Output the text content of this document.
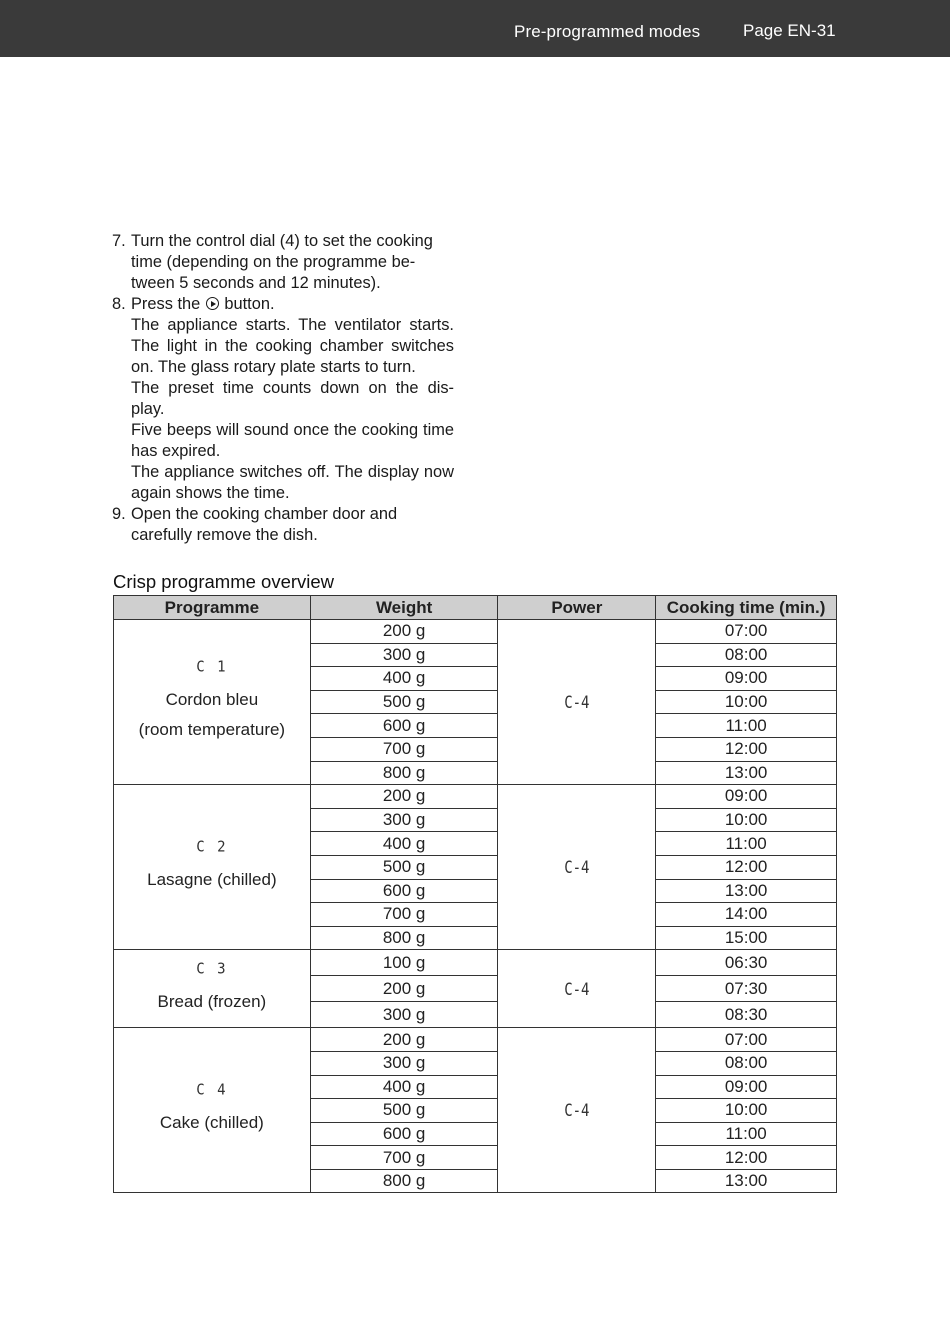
Pre-programmed modes	Page EN-31
7. Turn the control dial (4) to set the cooking time (depending on the programme be-tween 5 seconds and 12 minutes).

8. Press the button.

The appliance starts. The ventilator starts. The light in the cooking chamber switches on. The glass rotary plate starts to turn.

The preset time counts down on the dis-play.

Five beeps will sound once the cooking time has expired.

The appliance switches off. The display now again shows the time.

9. Open the cooking chamber door and carefully remove the dish.

Crisp programme overview
Programme	Weight	Power	Cooking time (min.)

C 1
Cordon bleu
(room temperature)	200 g	C-4	07:00
	300 g		08:00
	400 g		09:00
	500 g		10:00
	600 g		11:00
	700 g		12:00
	800 g		13:00

C 2
Lasagne (chilled)	200 g	C-4	09:00
	300 g		10:00
	400 g		11:00
	500 g		12:00
	600 g		13:00
	700 g		14:00
	800 g		15:00

C 3
Bread (frozen)	100 g	C-4	06:30
	200 g		07:30
	300 g		08:30

C 4
Cake (chilled)	200 g	C-4	07:00
	300 g		08:00
	400 g		09:00
	500 g		10:00
	600 g		11:00
	700 g		12:00
	800 g		13:00
